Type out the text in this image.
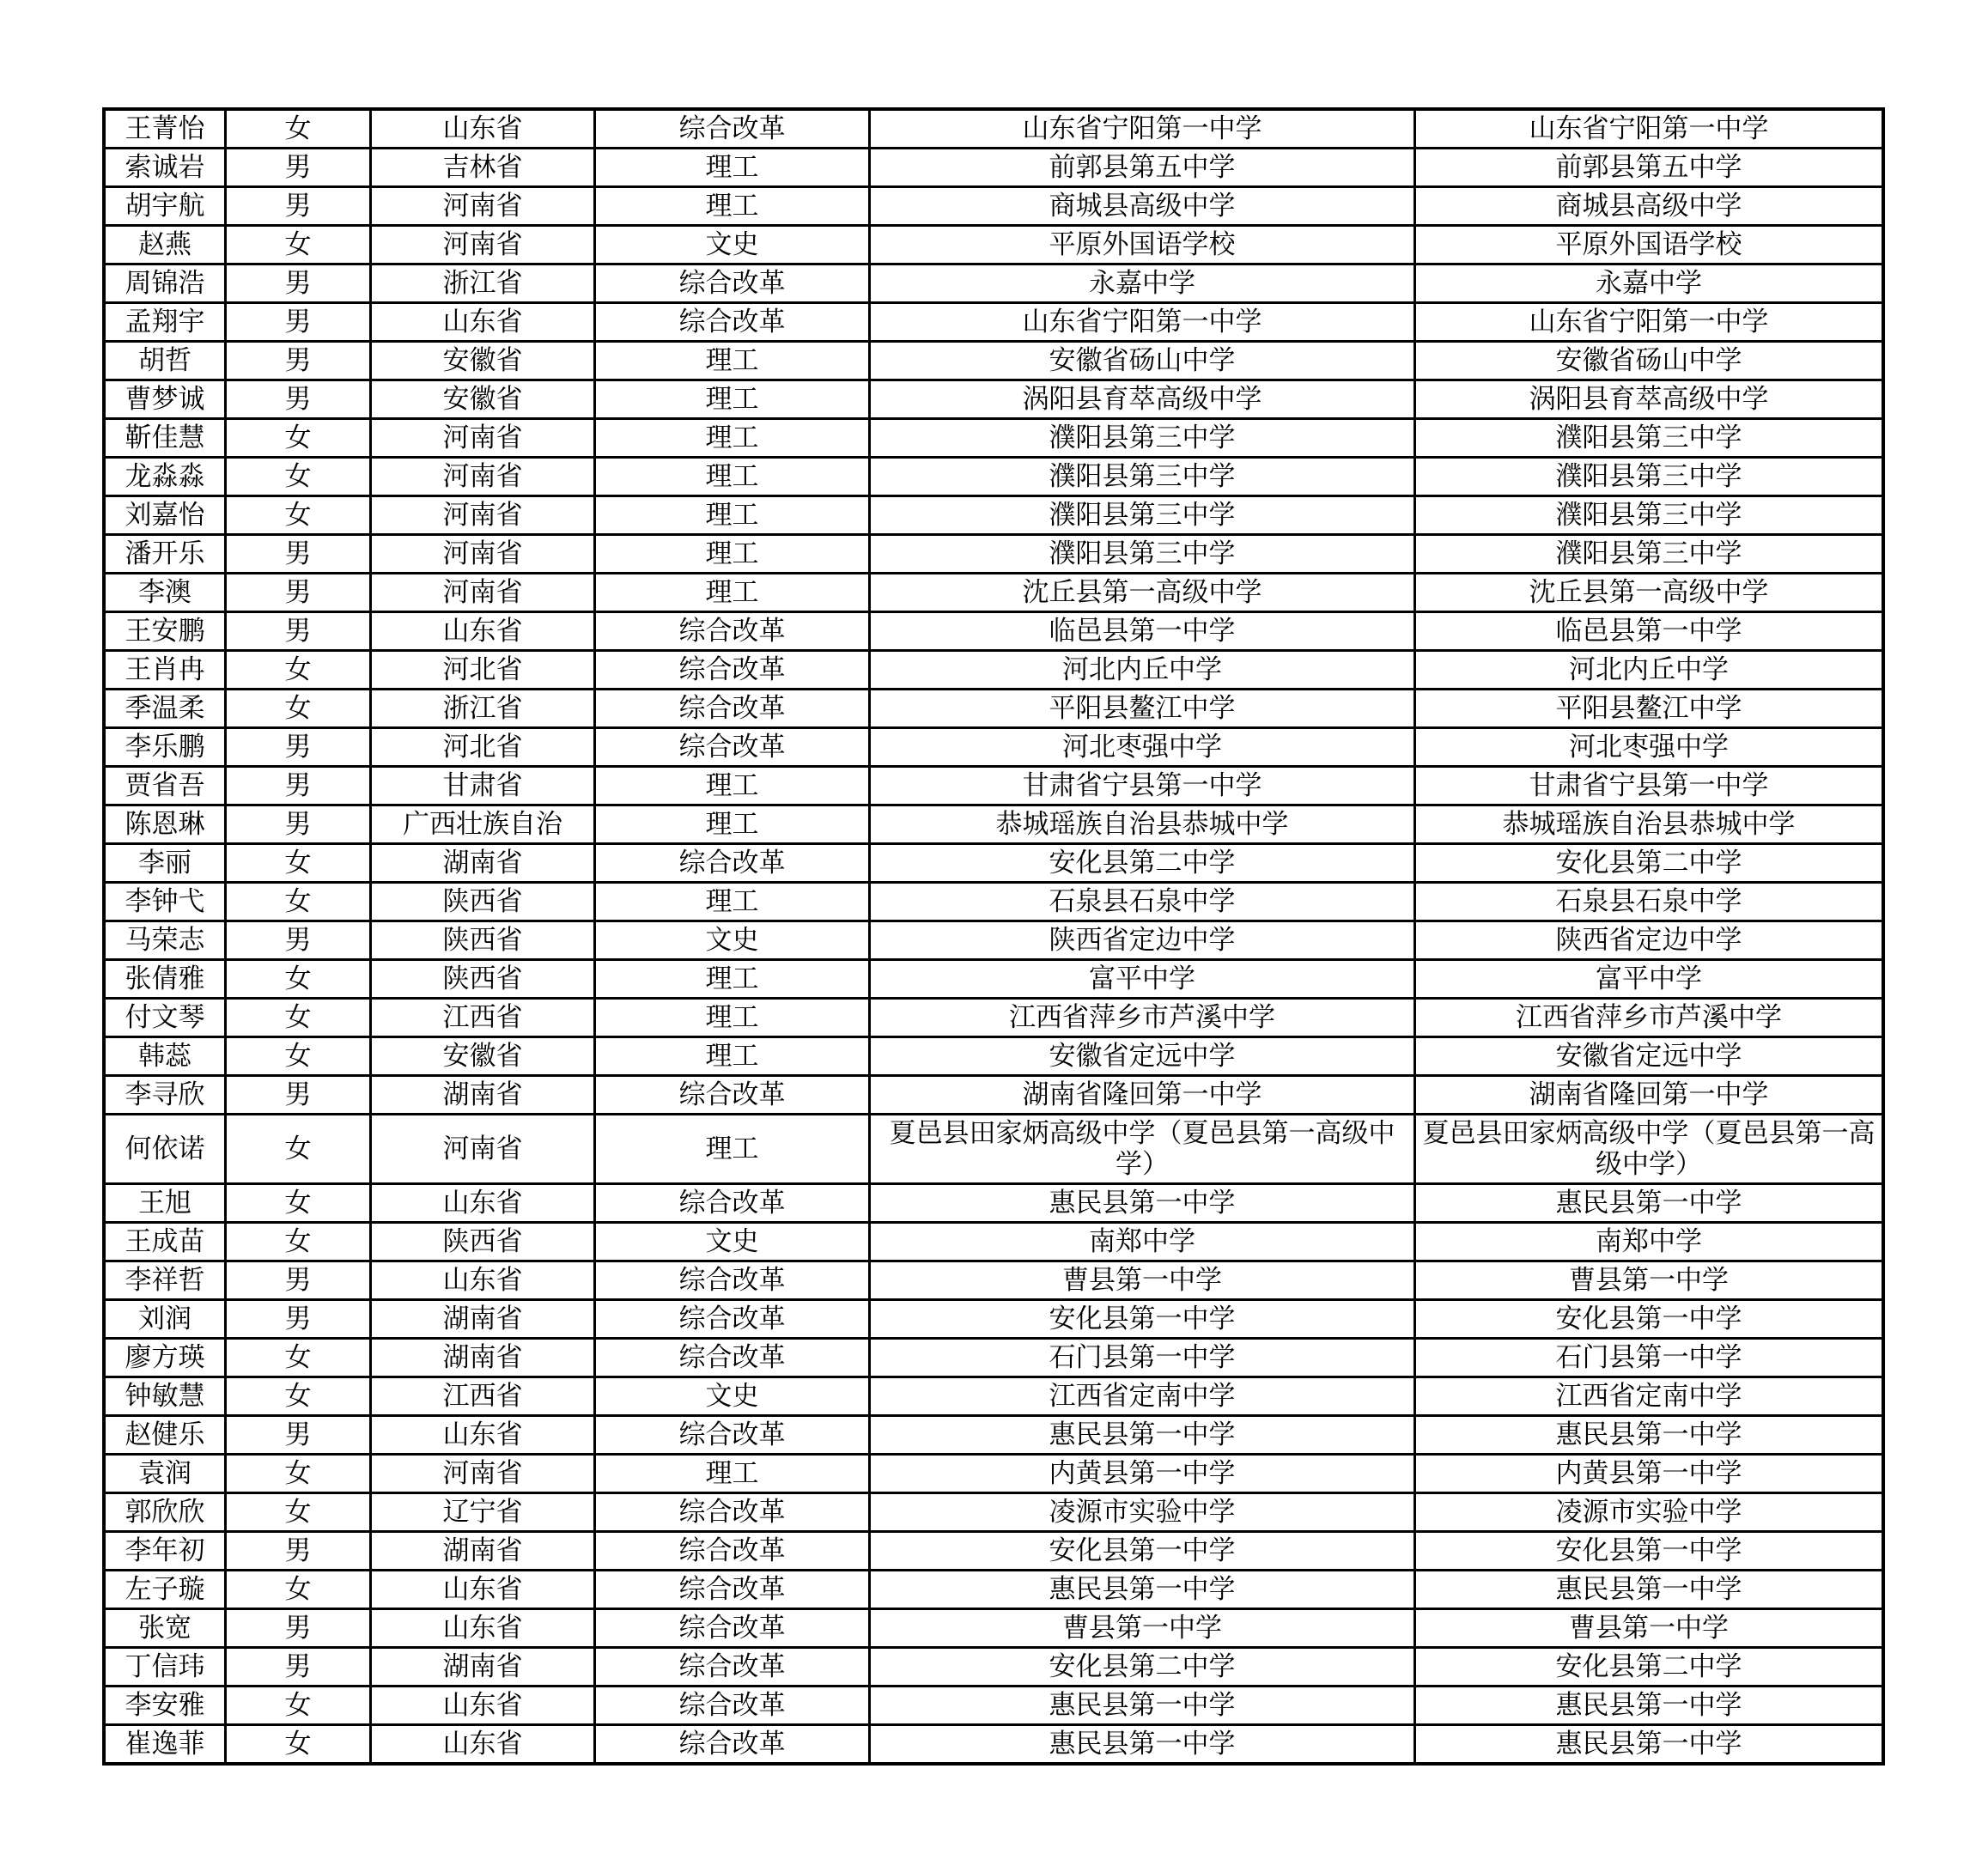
王菁怡	女	山东省	综合改革	山东省宁阳第一中学	山东省宁阳第一中学
索诚岩	男	吉林省	理工	前郭县第五中学	前郭县第五中学
胡宇航	男	河南省	理工	商城县高级中学	商城县高级中学
赵燕	女	河南省	文史	平原外国语学校	平原外国语学校
周锦浩	男	浙江省	综合改革	永嘉中学	永嘉中学
孟翔宇	男	山东省	综合改革	山东省宁阳第一中学	山东省宁阳第一中学
胡哲	男	安徽省	理工	安徽省砀山中学	安徽省砀山中学
曹梦诚	男	安徽省	理工	涡阳县育萃高级中学	涡阳县育萃高级中学
靳佳慧	女	河南省	理工	濮阳县第三中学	濮阳县第三中学
龙淼淼	女	河南省	理工	濮阳县第三中学	濮阳县第三中学
刘嘉怡	女	河南省	理工	濮阳县第三中学	濮阳县第三中学
潘开乐	男	河南省	理工	濮阳县第三中学	濮阳县第三中学
李澳	男	河南省	理工	沈丘县第一高级中学	沈丘县第一高级中学
王安鹏	男	山东省	综合改革	临邑县第一中学	临邑县第一中学
王肖冉	女	河北省	综合改革	河北内丘中学	河北内丘中学
季温柔	女	浙江省	综合改革	平阳县鳌江中学	平阳县鳌江中学
李乐鹏	男	河北省	综合改革	河北枣强中学	河北枣强中学
贾省吾	男	甘肃省	理工	甘肃省宁县第一中学	甘肃省宁县第一中学
陈恩琳	男	广西壮族自治	理工	恭城瑶族自治县恭城中学	恭城瑶族自治县恭城中学
李丽	女	湖南省	综合改革	安化县第二中学	安化县第二中学
李钟弋	女	陕西省	理工	石泉县石泉中学	石泉县石泉中学
马荣志	男	陕西省	文史	陕西省定边中学	陕西省定边中学
张倩雅	女	陕西省	理工	富平中学	富平中学
付文琴	女	江西省	理工	江西省萍乡市芦溪中学	江西省萍乡市芦溪中学
韩蕊	女	安徽省	理工	安徽省定远中学	安徽省定远中学
李寻欣	男	湖南省	综合改革	湖南省隆回第一中学	湖南省隆回第一中学
何依诺	女	河南省	理工	夏邑县田家炳高级中学（夏邑县第一高级中学）	夏邑县田家炳高级中学（夏邑县第一高级中学）
王旭	女	山东省	综合改革	惠民县第一中学	惠民县第一中学
王成苗	女	陕西省	文史	南郑中学	南郑中学
李祥哲	男	山东省	综合改革	曹县第一中学	曹县第一中学
刘润	男	湖南省	综合改革	安化县第一中学	安化县第一中学
廖方瑛	女	湖南省	综合改革	石门县第一中学	石门县第一中学
钟敏慧	女	江西省	文史	江西省定南中学	江西省定南中学
赵健乐	男	山东省	综合改革	惠民县第一中学	惠民县第一中学
袁润	女	河南省	理工	内黄县第一中学	内黄县第一中学
郭欣欣	女	辽宁省	综合改革	凌源市实验中学	凌源市实验中学
李年初	男	湖南省	综合改革	安化县第一中学	安化县第一中学
左子璇	女	山东省	综合改革	惠民县第一中学	惠民县第一中学
张宽	男	山东省	综合改革	曹县第一中学	曹县第一中学
丁信玮	男	湖南省	综合改革	安化县第二中学	安化县第二中学
李安雅	女	山东省	综合改革	惠民县第一中学	惠民县第一中学
崔逸菲	女	山东省	综合改革	惠民县第一中学	惠民县第一中学
